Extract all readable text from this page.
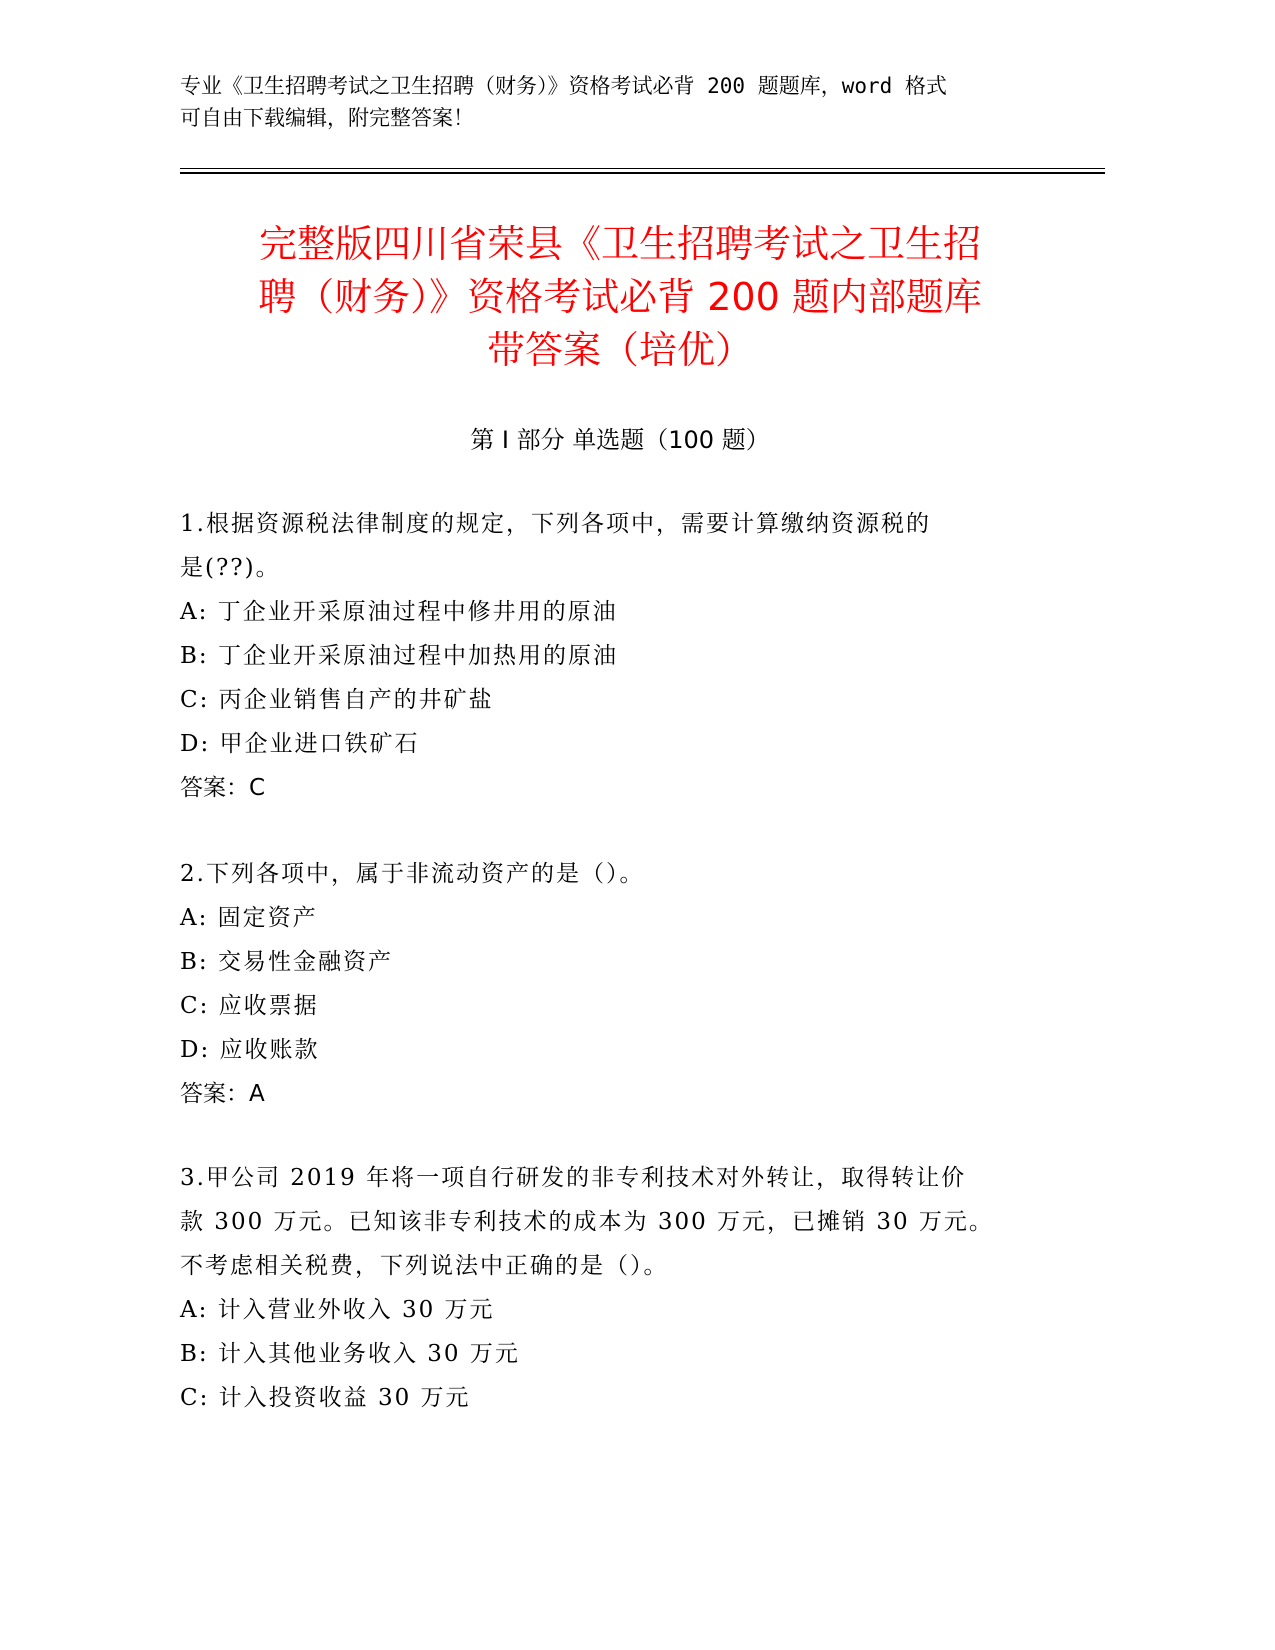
专业《卫生招聘考试之卫生招聘（财务）》资格考试必背 200 题题库，word 格式
可自由下载编辑，附完整答案！
完整版四川省荣县《卫生招聘考试之卫生招
聘（财务）》资格考试必背 200 题内部题库
带答案（培优）
第 I 部分 单选题（100 题）
1.根据资源税法律制度的规定，下列各项中，需要计算缴纳资源税的
是(??)。
A: 丁企业开采原油过程中修井用的原油
B: 丁企业开采原油过程中加热用的原油
C: 丙企业销售自产的井矿盐
D: 甲企业进口铁矿石
答案：C
2.下列各项中，属于非流动资产的是（）。
A: 固定资产
B: 交易性金融资产
C: 应收票据
D: 应收账款
答案：A
3.甲公司 2019 年将一项自行研发的非专利技术对外转让，取得转让价
款 300 万元。已知该非专利技术的成本为 300 万元，已摊销 30 万元。
不考虑相关税费，下列说法中正确的是（）。
A: 计入营业外收入 30 万元
B: 计入其他业务收入 30 万元
C: 计入投资收益 30 万元
